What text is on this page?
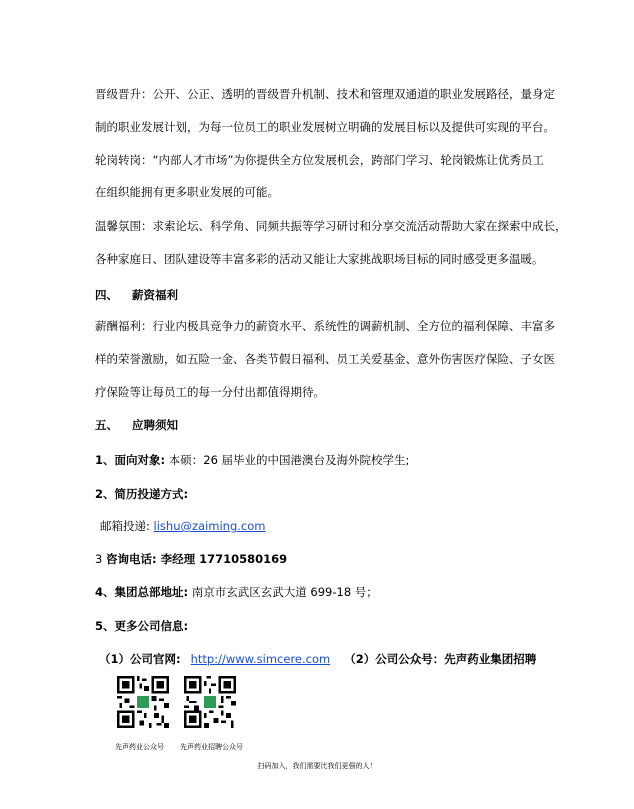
晋级晋升：公开、公正、透明的晋级晋升机制、技术和管理双通道的职业发展路径，量身定
制的职业发展计划，为每一位员工的职业发展树立明确的发展目标以及提供可实现的平台。
轮岗转岗：“内部人才市场”为你提供全方位发展机会，跨部门学习、轮岗锻炼让优秀员工
在组织能拥有更多职业发展的可能。
温馨氛围：求索论坛、科学角、同频共振等学习研讨和分享交流活动帮助大家在探索中成长，
各种家庭日、团队建设等丰富多彩的活动又能让大家挑战职场目标的同时感受更多温暖。
四、 薪资福利
薪酬福利：行业内极具竞争力的薪资水平、系统性的调薪机制、全方位的福利保障、丰富多
样的荣誉激励，如五险一金、各类节假日福利、员工关爱基金、意外伤害医疗保险、子女医
疗保险等让每员工的每一分付出都值得期待。
五、 应聘须知
1、面向对象: 本硕：26 届毕业的中国港澳台及海外院校学生;
2、简历投递方式:
邮箱投递: lishu@zaiming.com
3 咨询电话: 李经理 17710580169
4、集团总部地址: 南京市玄武区玄武大道 699-18 号；
5、更多公司信息:
（1）公司官网: http://www.simcere.com （2）公司公众号：先声药业集团招聘
先声药业公众号 先声药业招聘公众号
扫码加入，我们需要比我们更强的人！
